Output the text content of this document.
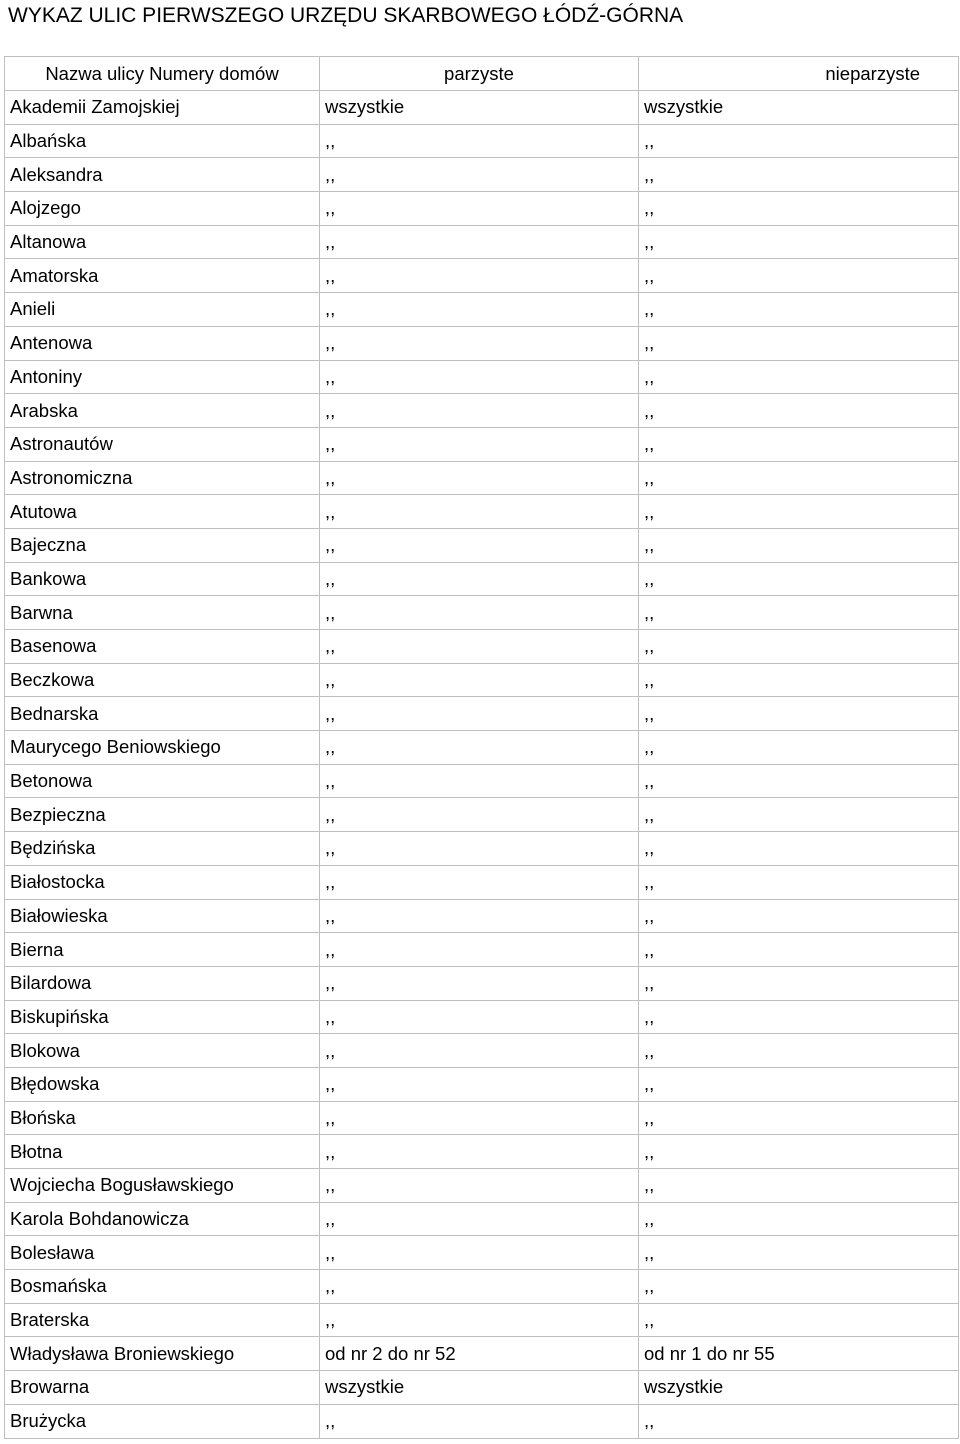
WYKAZ ULIC PIERWSZEGO URZĘDU SKARBOWEGO ŁÓDŹ-GÓRNA
Nazwa ulicy Numery domów	parzyste	nieparzyste
Akademii Zamojskiej	wszystkie	wszystkie
Albańska	,,	,,
Aleksandra	,,	,,
Alojzego	,,	,,
Altanowa	,,	,,
Amatorska	,,	,,
Anieli	,,	,,
Antenowa	,,	,,
Antoniny	,,	,,
Arabska	,,	,,
Astronautów	,,	,,
Astronomiczna	,,	,,
Atutowa	,,	,,
Bajeczna	,,	,,
Bankowa	,,	,,
Barwna	,,	,,
Basenowa	,,	,,
Beczkowa	,,	,,
Bednarska	,,	,,
Maurycego Beniowskiego	,,	,,
Betonowa	,,	,,
Bezpieczna	,,	,,
Będzińska	,,	,,
Białostocka	,,	,,
Białowieska	,,	,,
Bierna	,,	,,
Bilardowa	,,	,,
Biskupińska	,,	,,
Blokowa	,,	,,
Błędowska	,,	,,
Błońska	,,	,,
Błotna	,,	,,
Wojciecha Bogusławskiego	,,	,,
Karola Bohdanowicza	,,	,,
Bolesława	,,	,,
Bosmańska	,,	,,
Braterska	,,	,,
Władysława Broniewskiego	od nr 2 do nr 52	od nr 1 do nr 55
Browarna	wszystkie	wszystkie
Brużycka	,,	,,
